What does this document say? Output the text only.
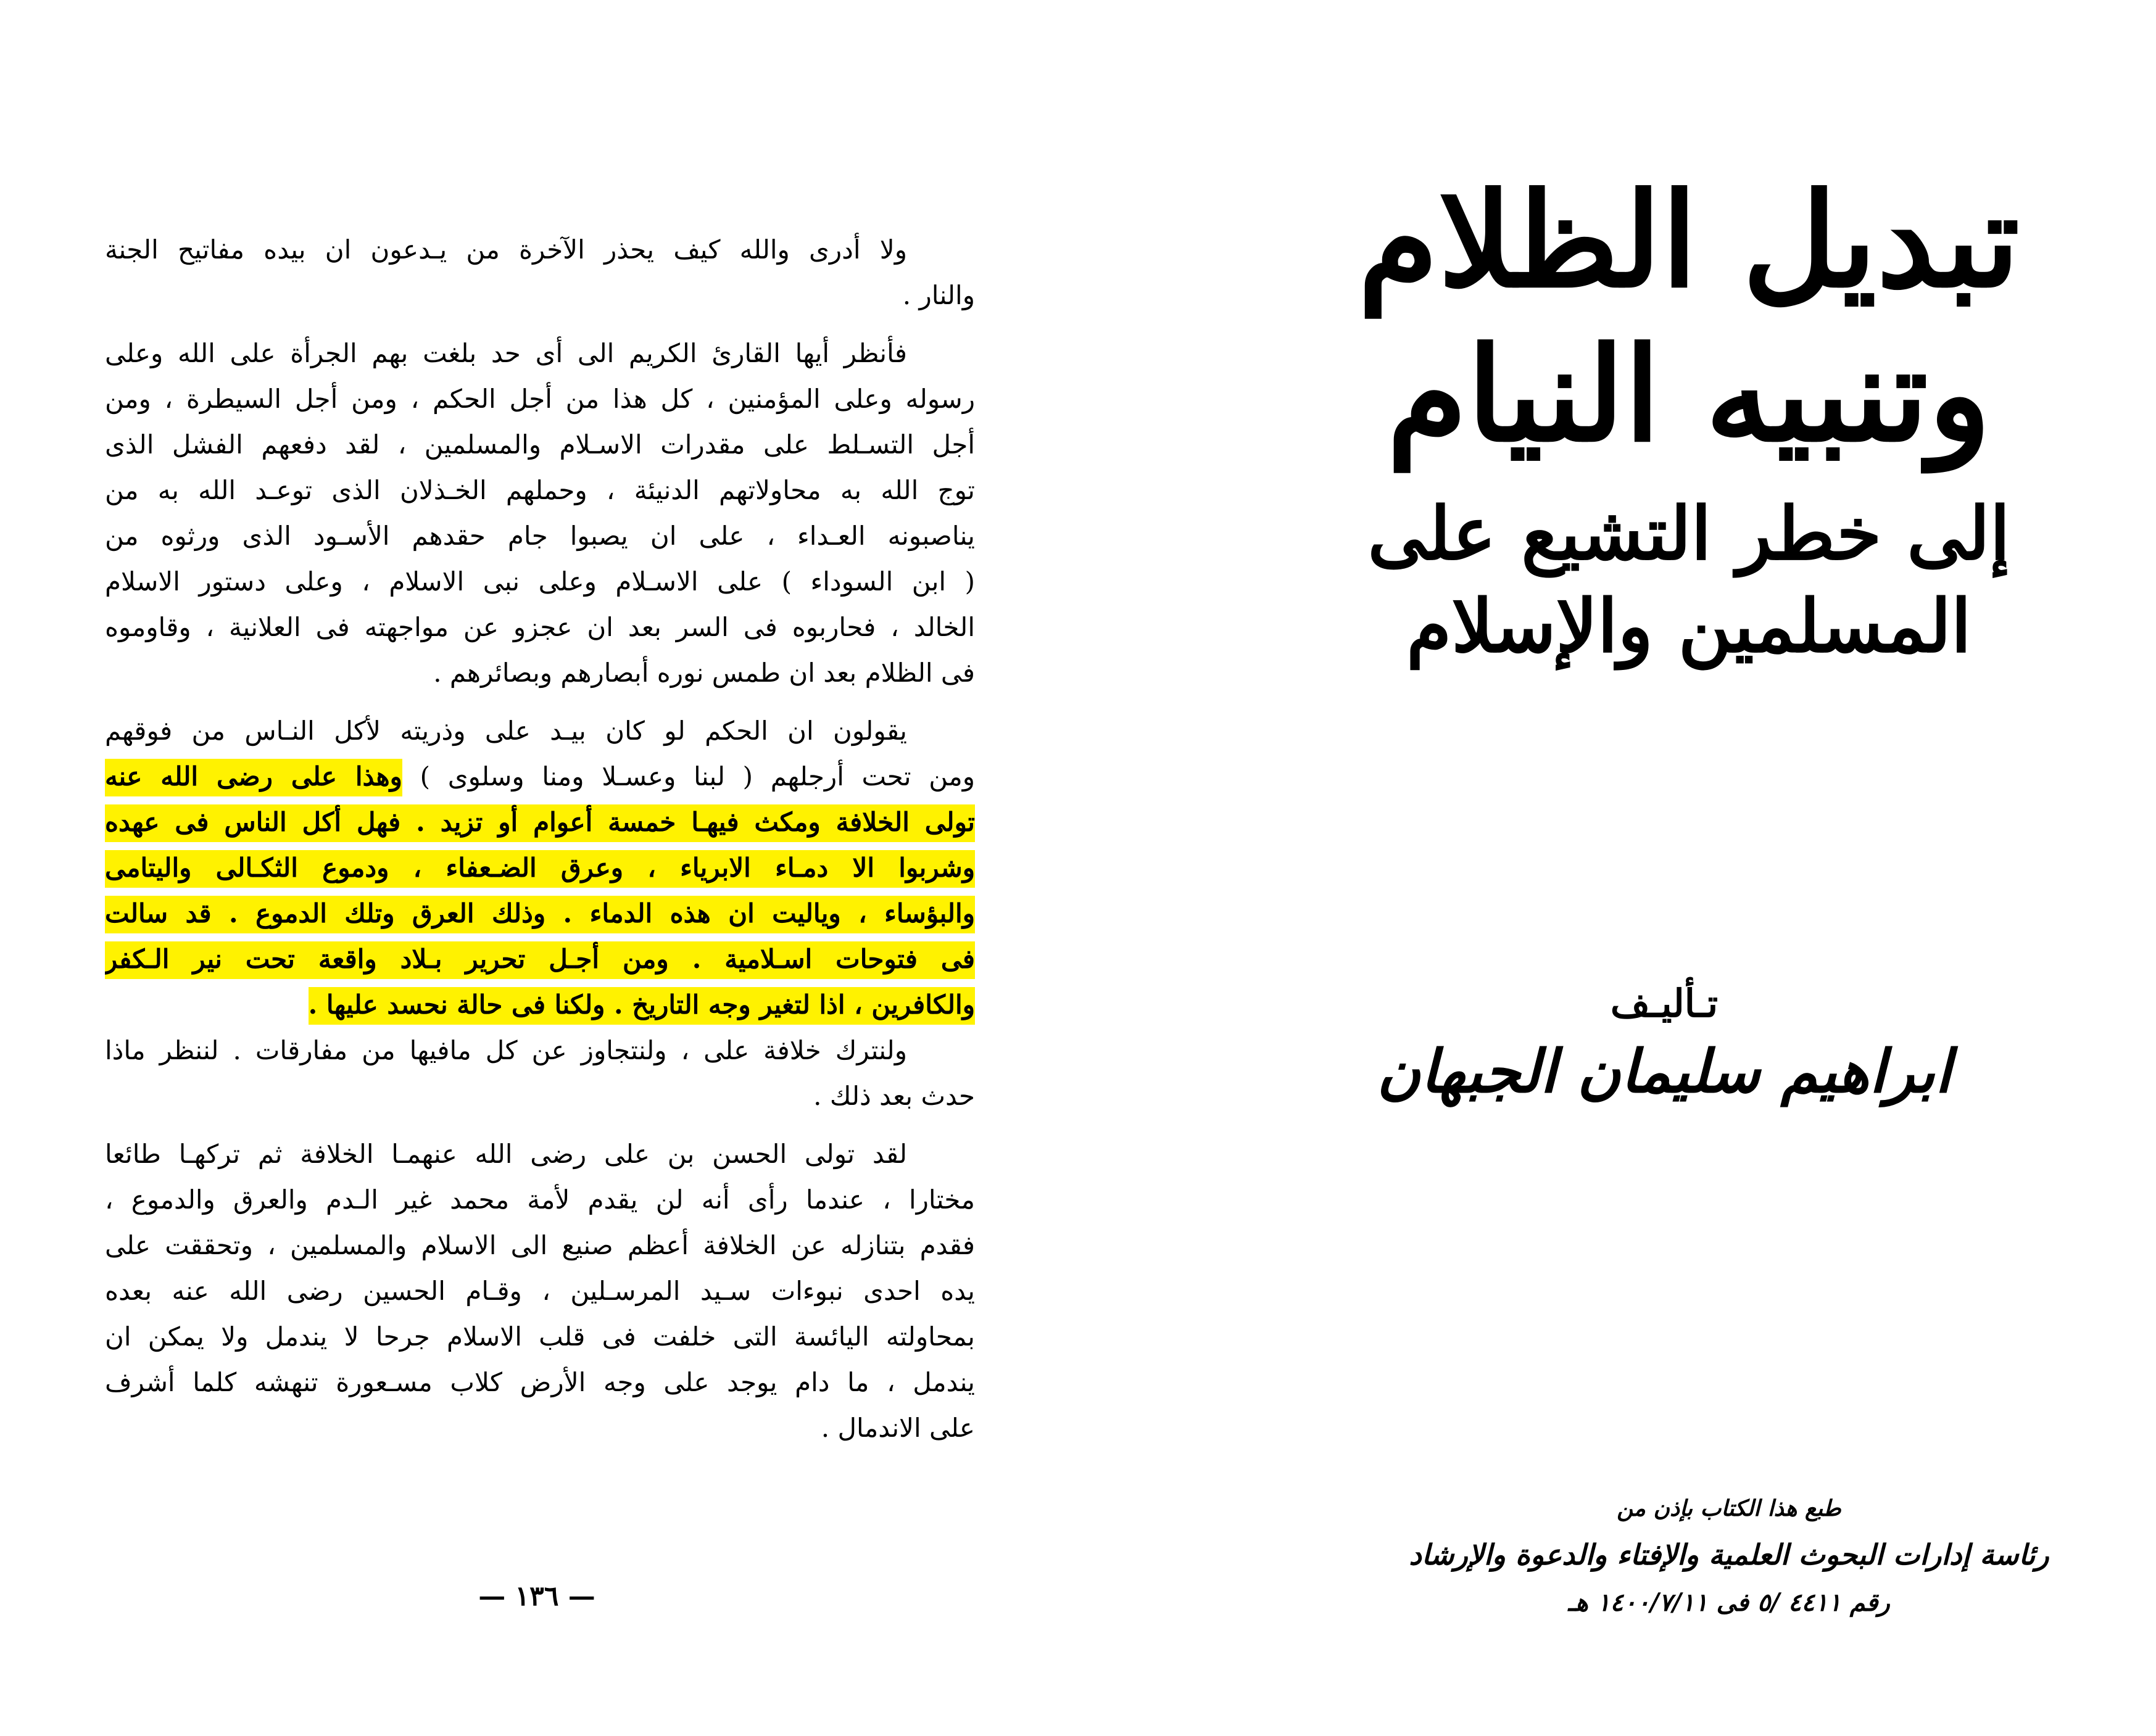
ولا أدرى والله كيف يحذر الآخرة من يـدعون ان بيده مفاتيح الجنة
والنار .
فأنظر أيها القارئ الكريم الى أى حد بلغت بهم الجرأة على الله وعلى
رسوله وعلى المؤمنين ، كل هذا من أجل الحكم ، ومن أجل السيطرة ، ومن
أجل التسـلط على مقدرات الاسـلام والمسلمين ، لقد دفعهم الفشل الذى
توج الله به محاولاتهم الدنيئة ، وحملهم الخـذلان الذى توعـد الله به من
يناصبونه العـداء ، على ان يصبوا جام حقدهم الأسـود الذى ورثوه من
( ابن السوداء ) على الاسـلام وعلى نبى الاسلام ، وعلى دستور الاسلام
الخالد ، فحاربوه فى السر بعد ان عجزو عن مواجهته فى العلانية ، وقاوموه
فى الظلام بعد ان طمس نوره أبصارهم وبصائرهم .
يقولون ان الحكم لو كان بيـد على وذريته لأكل النـاس من فوقهم
ومن تحت أرجلهم ( لبنا وعسـلا ومنا وسلوى ) وهذا على رضى الله عنه
تولى الخلافة ومكث فيهـا خمسة أعوام أو تزيد . فهل أكل الناس فى عهده
وشربوا الا دمـاء الابرياء ، وعرق الضـعفاء ، ودموع الثكـالى واليتامى
والبؤساء ، وياليت ان هذه الدماء . وذلك العرق وتلك الدموع . قد سالت
فى فتوحات اسـلامية . ومن أجـل تحرير بـلاد واقعة تحت نير الـكفر
والكافرين ، اذا لتغير وجه التاريخ . ولكنا فى حالة نحسد عليها .
ولنترك خلافة على ، ولنتجاوز عن كل مافيها من مفارقات . لننظر ماذا
حدث بعد ذلك .
لقد تولى الحسن بن على رضى الله عنهمـا الخلافة ثم تركهـا طائعا
مختارا ، عندما رأى أنه لن يقدم لأمة محمد غير الـدم والعرق والدموع ،
فقدم بتنازله عن الخلافة أعظم صنيع الى الاسلام والمسلمين ، وتحققت على
يده احدى نبوءات سـيد المرسـلين ، وقـام الحسين رضى الله عنه بعده
بمحاولته اليائسة التى خلفت فى قلب الاسلام جرحا لا يندمل ولا يمكن ان
يندمل ، ما دام يوجد على وجه الأرض كلاب مسـعورة تنهشه كلما أشرف
على الاندمال .
— ١٣٦ —
تبديل الظلام
وتنبيه النيام
إلى خطر التشيع على المسلمين والإسلام
تـأليـف
ابراهيم سليمان الجبهان
طبع هذا الكتاب بإذن من
رئاسة إدارات البحوث العلمية والإفتاء والدعوة والإرشاد
رقم ٤٤١١ /٥ فى ١٤٠٠/٧/١١ هـ
